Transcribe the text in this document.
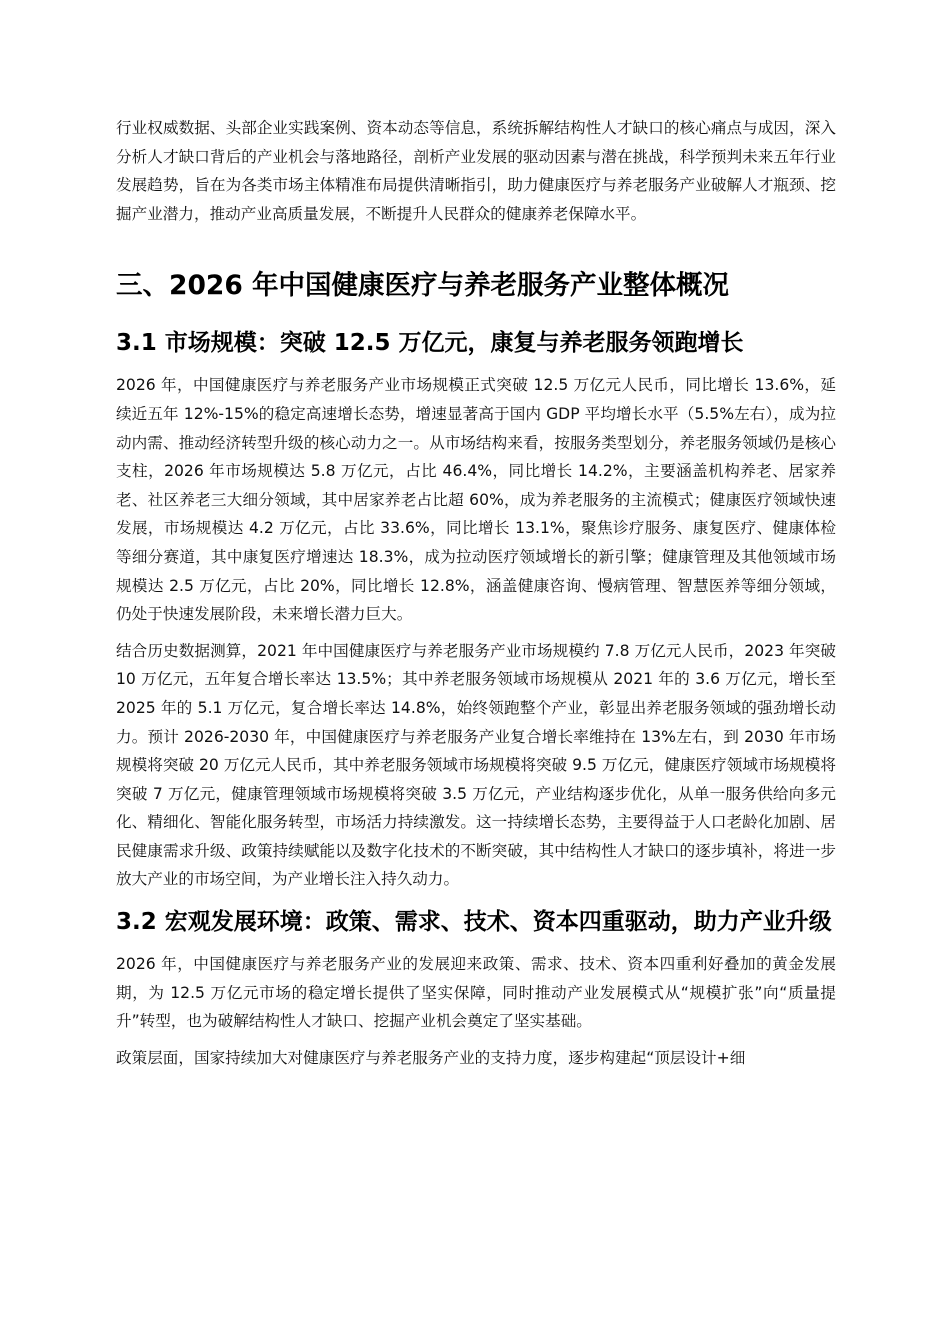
行业权威数据、头部企业实践案例、资本动态等信息，系统拆解结构性人才缺口的核心痛点与成因，深入分析人才缺口背后的产业机会与落地路径，剖析产业发展的驱动因素与潜在挑战，科学预判未来五年行业发展趋势，旨在为各类市场主体精准布局提供清晰指引，助力健康医疗与养老服务产业破解人才瓶颈、挖掘产业潜力，推动产业高质量发展，不断提升人民群众的健康养老保障水平。

三、2026 年中国健康医疗与养老服务产业整体概况
3.1 市场规模：突破 12.5 万亿元，康复与养老服务领跑增长

2026 年，中国健康医疗与养老服务产业市场规模正式突破 12.5 万亿元人民币，同比增长 13.6%，延续近五年 12%-15%的稳定高速增长态势，增速显著高于国内 GDP 平均增长水平（5.5%左右），成为拉动内需、推动经济转型升级的核心动力之一。从市场结构来看，按服务类型划分，养老服务领域仍是核心支柱，2026 年市场规模达 5.8 万亿元，占比 46.4%，同比增长 14.2%，主要涵盖机构养老、居家养老、社区养老三大细分领域，其中居家养老占比超 60%，成为养老服务的主流模式；健康医疗领域快速发展，市场规模达 4.2 万亿元，占比 33.6%，同比增长 13.1%，聚焦诊疗服务、康复医疗、健康体检等细分赛道，其中康复医疗增速达 18.3%，成为拉动医疗领域增长的新引擎；健康管理及其他领域市场规模达 2.5 万亿元，占比 20%，同比增长 12.8%，涵盖健康咨询、慢病管理、智慧医养等细分领域，仍处于快速发展阶段，未来增长潜力巨大。

结合历史数据测算，2021 年中国健康医疗与养老服务产业市场规模约 7.8 万亿元人民币，2023 年突破 10 万亿元，五年复合增长率达 13.5%；其中养老服务领域市场规模从 2021 年的 3.6 万亿元，增长至 2025 年的 5.1 万亿元，复合增长率达 14.8%，始终领跑整个产业，彰显出养老服务领域的强劲增长动力。预计 2026-2030 年，中国健康医疗与养老服务产业复合增长率维持在 13%左右，到 2030 年市场规模将突破 20 万亿元人民币，其中养老服务领域市场规模将突破 9.5 万亿元，健康医疗领域市场规模将突破 7 万亿元，健康管理领域市场规模将突破 3.5 万亿元，产业结构逐步优化，从单一服务供给向多元化、精细化、智能化服务转型，市场活力持续激发。这一持续增长态势，主要得益于人口老龄化加剧、居民健康需求升级、政策持续赋能以及数字化技术的不断突破，其中结构性人才缺口的逐步填补，将进一步放大产业的市场空间，为产业增长注入持久动力。

3.2 宏观发展环境：政策、需求、技术、资本四重驱动，助力产业升级

2026 年，中国健康医疗与养老服务产业的发展迎来政策、需求、技术、资本四重利好叠加的黄金发展期，为 12.5 万亿元市场的稳定增长提供了坚实保障，同时推动产业发展模式从“规模扩张”向“质量提升”转型，也为破解结构性人才缺口、挖掘产业机会奠定了坚实基础。

政策层面，国家持续加大对健康医疗与养老服务产业的支持力度，逐步构建起“顶层设计+细
